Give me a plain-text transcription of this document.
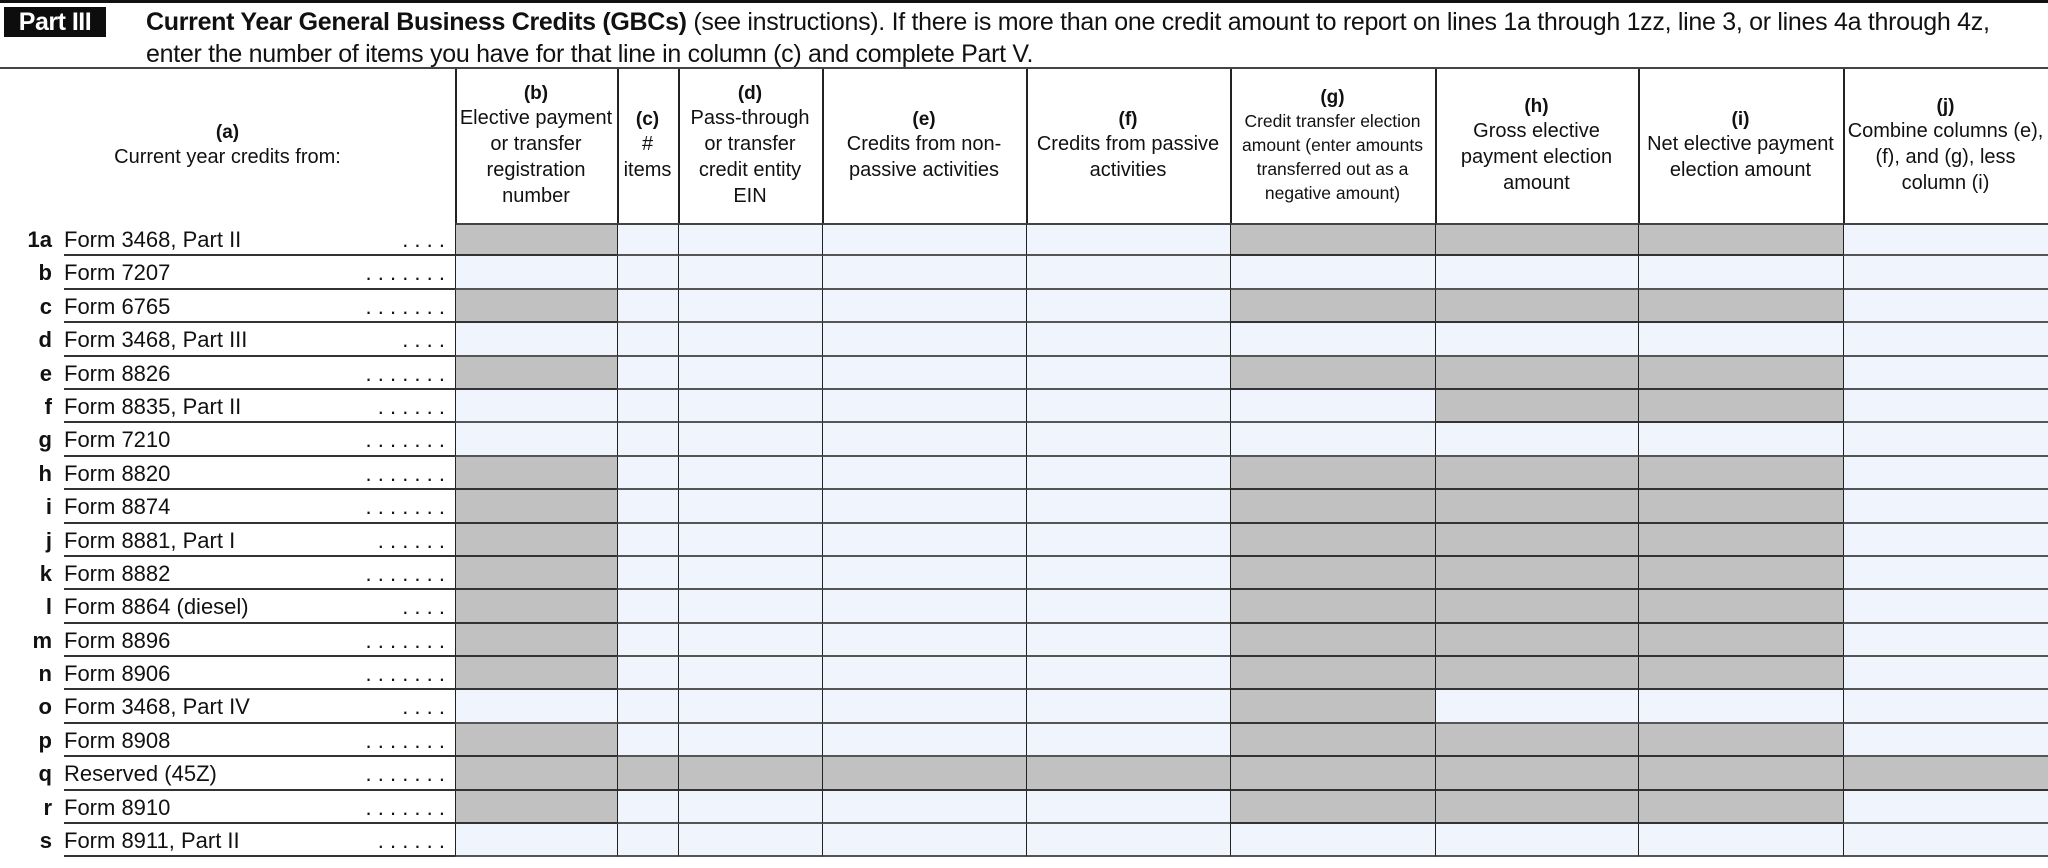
Part III	Current Year General Business Credits (GBCs) (see instructions). If there is more than one credit amount to report on lines 1a through 1zz, line 3, or lines 4a through 4z, enter the number of items you have for that line in column (c) and complete Part V.
(a)
Current year credits from:
(b)
Elective payment or transfer registration number
(c)
# items
(d)
Pass-through or transfer credit entity EIN
(e)
Credits from non-passive activities
(f)
Credits from passive activities
(g)
Credit transfer election amount (enter amounts transferred out as a negative amount)
(h)
Gross elective payment election amount
(i)
Net elective payment election amount
(j)
Combine columns (e), (f), and (g), less column (i)
1a Form 3468, Part II	. . . .
b Form 7207	. . . . . . .
c Form 6765	. . . . . . .
d Form 3468, Part III	. . . .
e Form 8826	. . . . . . .
f Form 8835, Part II	. . . . . .
g Form 7210	. . . . . . .
h Form 8820	. . . . . . .
i Form 8874	. . . . . . .
j Form 8881, Part I	. . . . . .
k Form 8882	. . . . . . .
l Form 8864 (diesel)	. . . .
m Form 8896	. . . . . . .
n Form 8906	. . . . . . .
o Form 3468, Part IV	. . . .
p Form 8908	. . . . . . .
q Reserved (45Z)	. . . . . . .
r Form 8910	. . . . . . .
s Form 8911, Part II	. . . . . .
